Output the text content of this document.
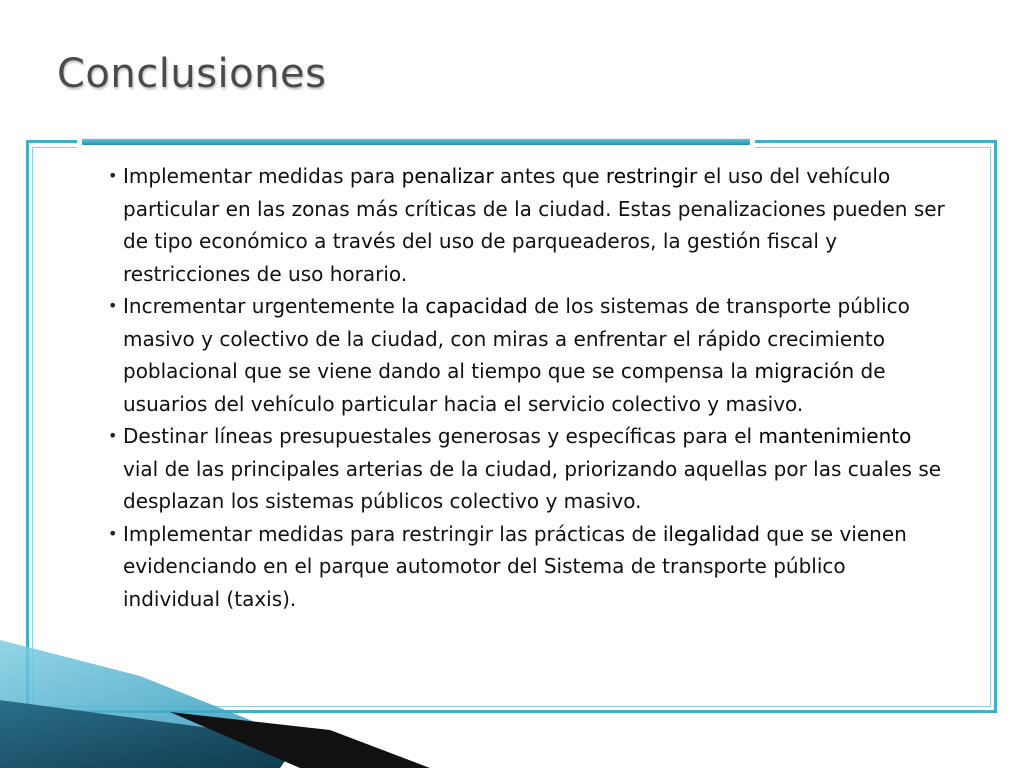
Conclusiones
• Implementar medidas para penalizar antes que restringir el uso del vehículo particular en las zonas más críticas de la ciudad. Estas penalizaciones pueden ser de tipo económico a través del uso de parqueaderos, la gestión fiscal y restricciones de uso horario.
• Incrementar urgentemente la capacidad de los sistemas de transporte público masivo y colectivo de la ciudad, con miras a enfrentar el rápido crecimiento poblacional que se viene dando al tiempo que se compensa la migración de usuarios del vehículo particular hacia el servicio colectivo y masivo.
• Destinar líneas presupuestales generosas y específicas para el mantenimiento vial de las principales arterias de la ciudad, priorizando aquellas por las cuales se desplazan los sistemas públicos colectivo y masivo.
• Implementar medidas para restringir las prácticas de ilegalidad que se vienen evidenciando en el parque automotor del Sistema de transporte público individual (taxis).
